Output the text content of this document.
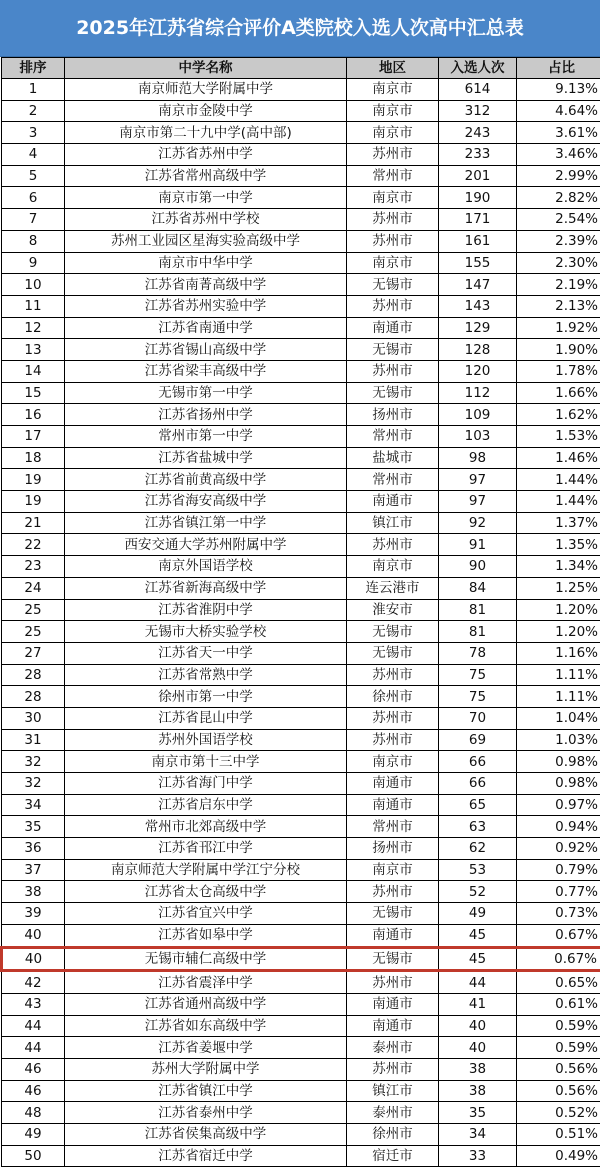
2025年江苏省综合评价A类院校入选人次高中汇总表
排序	中学名称	地区	入选人次	占比
1	南京师范大学附属中学	南京市	614	9.13%
2	南京市金陵中学	南京市	312	4.64%
3	南京市第二十九中学(高中部)	南京市	243	3.61%
4	江苏省苏州中学	苏州市	233	3.46%
5	江苏省常州高级中学	常州市	201	2.99%
6	南京市第一中学	南京市	190	2.82%
7	江苏省苏州中学校	苏州市	171	2.54%
8	苏州工业园区星海实验高级中学	苏州市	161	2.39%
9	南京市中华中学	南京市	155	2.30%
10	江苏省南菁高级中学	无锡市	147	2.19%
11	江苏省苏州实验中学	苏州市	143	2.13%
12	江苏省南通中学	南通市	129	1.92%
13	江苏省锡山高级中学	无锡市	128	1.90%
14	江苏省梁丰高级中学	苏州市	120	1.78%
15	无锡市第一中学	无锡市	112	1.66%
16	江苏省扬州中学	扬州市	109	1.62%
17	常州市第一中学	常州市	103	1.53%
18	江苏省盐城中学	盐城市	98	1.46%
19	江苏省前黄高级中学	常州市	97	1.44%
19	江苏省海安高级中学	南通市	97	1.44%
21	江苏省镇江第一中学	镇江市	92	1.37%
22	西安交通大学苏州附属中学	苏州市	91	1.35%
23	南京外国语学校	南京市	90	1.34%
24	江苏省新海高级中学	连云港市	84	1.25%
25	江苏省淮阴中学	淮安市	81	1.20%
25	无锡市大桥实验学校	无锡市	81	1.20%
27	江苏省天一中学	无锡市	78	1.16%
28	江苏省常熟中学	苏州市	75	1.11%
28	徐州市第一中学	徐州市	75	1.11%
30	江苏省昆山中学	苏州市	70	1.04%
31	苏州外国语学校	苏州市	69	1.03%
32	南京市第十三中学	南京市	66	0.98%
32	江苏省海门中学	南通市	66	0.98%
34	江苏省启东中学	南通市	65	0.97%
35	常州市北郊高级中学	常州市	63	0.94%
36	江苏省邗江中学	扬州市	62	0.92%
37	南京师范大学附属中学江宁分校	南京市	53	0.79%
38	江苏省太仓高级中学	苏州市	52	0.77%
39	江苏省宜兴中学	无锡市	49	0.73%
40	江苏省如皋中学	南通市	45	0.67%
40	无锡市辅仁高级中学	无锡市	45	0.67%
42	江苏省震泽中学	苏州市	44	0.65%
43	江苏省通州高级中学	南通市	41	0.61%
44	江苏省如东高级中学	南通市	40	0.59%
44	江苏省姜堰中学	泰州市	40	0.59%
46	苏州大学附属中学	苏州市	38	0.56%
46	江苏省镇江中学	镇江市	38	0.56%
48	江苏省泰州中学	泰州市	35	0.52%
49	江苏省侯集高级中学	徐州市	34	0.51%
50	江苏省宿迁中学	宿迁市	33	0.49%
